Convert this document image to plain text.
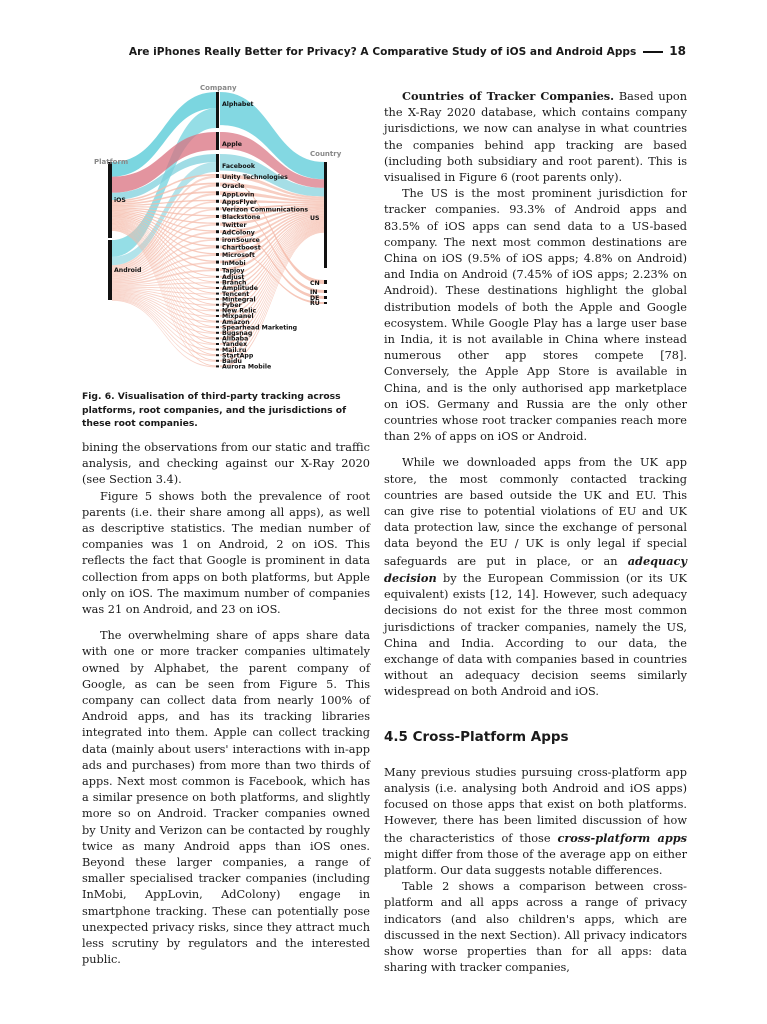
Are iPhones Really Better for Privacy? A Comparative Study of iOS and Android Apps	18
Alphabet
Apple
Facebook
Unity Technologies
Oracle
AppLovin
AppsFlyer
Verizon Communications
Blackstone
Twitter
AdColony
ironSource
Chartboost
Microsoft
InMobi
Tapjoy
Adjust
Branch
Amplitude
Tencent
Mintegral
Fyber
New Relic
Mixpanel
Amazon
Spearhead Marketing
Bugsnag
Alibaba
Yandex
Mail.ru
StartApp
Baidu
Aurora Mobile
US
CN
IN
DE
RU
Platform
Company
Country
iOS
Android
Fig. 6. Visualisation of third-party tracking across platforms, root companies, and the jurisdictions of these root companies.

bining the observations from our static and traffic analysis, and checking against our X-Ray 2020 (see Section 3.4).

Figure 5 shows both the prevalence of root parents (i.e. their share among all apps), as well as descriptive statistics. The median number of companies was 1 on Android, 2 on iOS. This reflects the fact that Google is prominent in data collection from apps on both platforms, but Apple only on iOS. The maximum number of companies was 21 on Android, and 23 on iOS.

The overwhelming share of apps share data with one or more tracker companies ultimately owned by Alphabet, the parent company of Google, as can be seen from Figure 5. This company can collect data from nearly 100% of Android apps, and has its tracking libraries integrated into them. Apple can collect tracking data (mainly about users' interactions with in-app ads and purchases) from more than two thirds of apps. Next most common is Facebook, which has a similar presence on both platforms, and slightly more so on Android. Tracker companies owned by Unity and Verizon can be contacted by roughly twice as many Android apps than iOS ones. Beyond these larger companies, a range of smaller specialised tracker companies (including InMobi, AppLovin, AdColony) engage in smartphone tracking. These can potentially pose unexpected privacy risks, since they attract much less scrutiny by regulators and the interested public.

Countries of Tracker Companies. Based upon the X-Ray 2020 database, which contains company jurisdictions, we now can analyse in what countries the companies behind app tracking are based (including both subsidiary and root parent). This is visualised in Figure 6 (root parents only).

The US is the most prominent jurisdiction for tracker companies. 93.3% of Android apps and 83.5% of iOS apps can send data to a US-based company. The next most common destinations are China on iOS (9.5% of iOS apps; 4.8% on Android) and India on Android (7.45% of iOS apps; 2.23% on Android). These destinations highlight the global distribution models of both the Apple and Google ecosystem. While Google Play has a large user base in India, it is not available in China where instead numerous other app stores compete [78]. Conversely, the Apple App Store is available in China, and is the only authorised app marketplace on iOS. Germany and Russia are the only other countries whose root tracker companies reach more than 2% of apps on iOS or Android.

While we downloaded apps from the UK app store, the most commonly contacted tracking countries are based outside the UK and EU. This can give rise to potential violations of EU and UK data protection law, since the exchange of personal data beyond the EU / UK is only legal if special safeguards are put in place, or an adequacy decision by the European Commission (or its UK equivalent) exists [12, 14]. However, such adequacy decisions do not exist for the three most common jurisdictions of tracker companies, namely the US, China and India. According to our data, the exchange of data with companies based in countries without an adequacy decision seems similarly widespread on both Android and iOS.

4.5 Cross-Platform Apps

Many previous studies pursuing cross-platform app analysis (i.e. analysing both Android and iOS apps) focused on those apps that exist on both platforms. However, there has been limited discussion of how the characteristics of those cross-platform apps might differ from those of the average app on either platform. Our data suggests notable differences.

Table 2 shows a comparison between cross-platform and all apps across a range of privacy indicators (and also children's apps, which are discussed in the next Section). All privacy indicators show worse properties than for all apps: data sharing with tracker companies,
